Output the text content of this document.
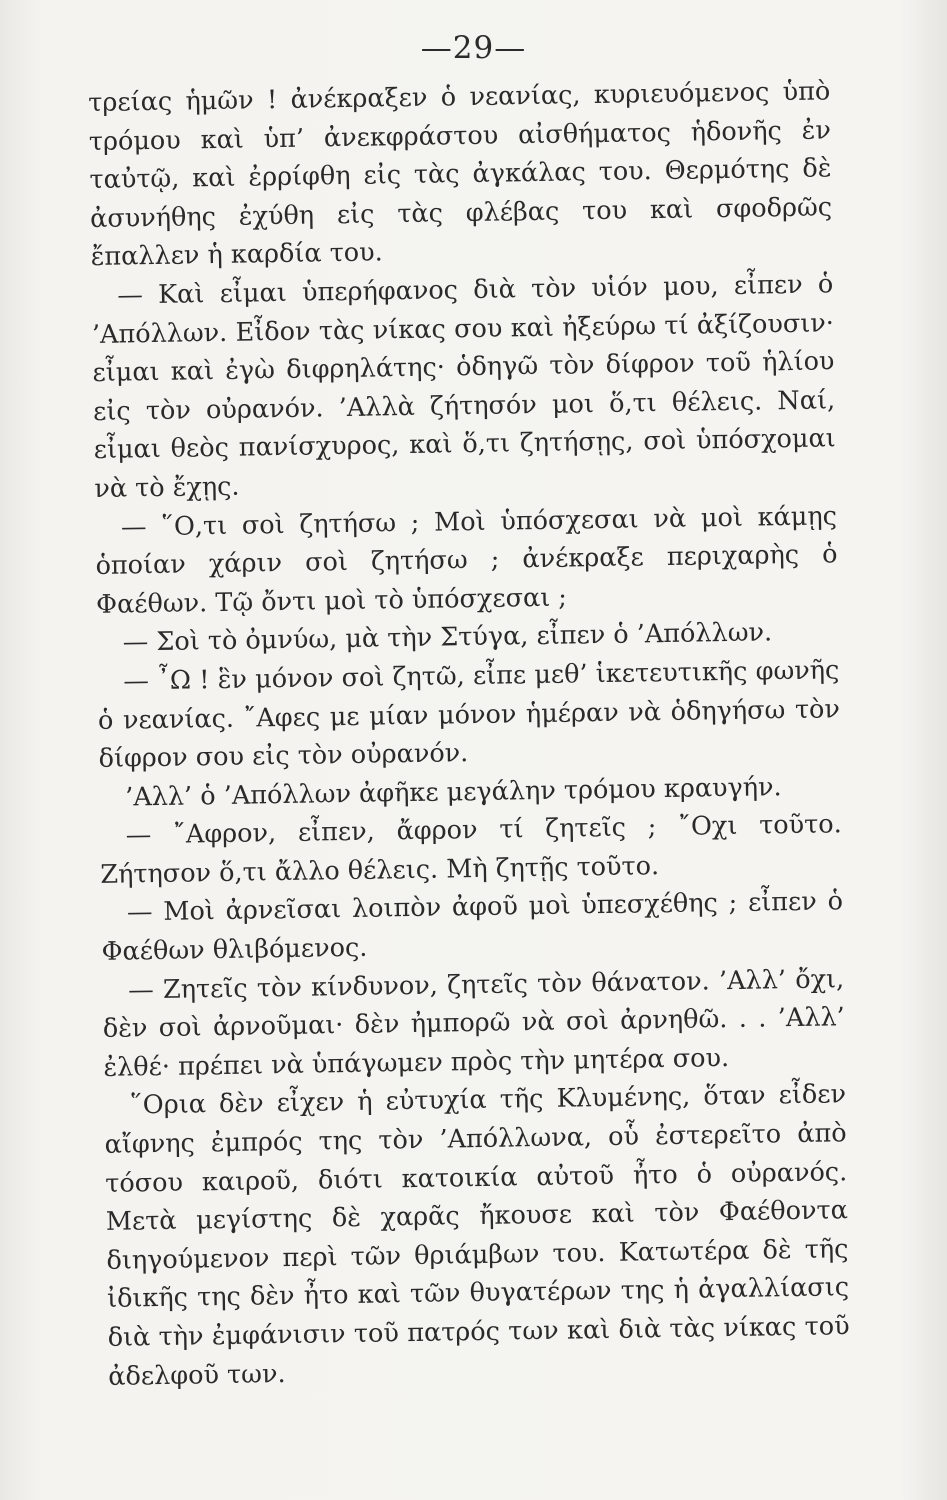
—29—

τρείας ἡμῶν ! ἀνέκραξεν ὁ νεανίας, κυριευόμενος ὑπὸ τρόμου καὶ ὑπ’ ἀνεκφράστου αἰσθήματος ἡδονῆς ἐν ταὐτῷ, καὶ ἐρρίφθη εἰς τὰς ἀγκάλας του. Θερμότης δὲ ἀσυνήθης ἐχύθη εἰς τὰς φλέβας του καὶ σφοδρῶς ἔπαλλεν ἡ καρδία του.

— Καὶ εἶμαι ὑπερήφανος διὰ τὸν υἱόν μου, εἶπεν ὁ ’Απόλλων. Εἶδον τὰς νίκας σου καὶ ἠξεύρω τί ἀξίζουσιν· εἶμαι καὶ ἐγὼ διφρηλάτης· ὁδηγῶ τὸν δίφρον τοῦ ἡλίου εἰς τὸν οὐρανόν. ’Αλλὰ ζήτησόν μοι ὅ,τι θέλεις. Ναί, εἶμαι θεὸς πανίσχυρος, καὶ ὅ,τι ζητήσῃς, σοὶ ὑπόσχομαι νὰ τὸ ἔχῃς.

— ῞Ο,τι σοὶ ζητήσω ; Μοὶ ὑπόσχεσαι νὰ μοὶ κάμῃς ὁποίαν χάριν σοὶ ζητήσω ; ἀνέκραξε περιχαρὴς ὁ Φαέθων. Τῷ ὄντι μοὶ τὸ ὑπόσχεσαι ;

— Σοὶ τὸ ὀμνύω, μὰ τὴν Στύγα, εἶπεν ὁ ’Απόλλων.

— ῏Ω ! ἓν μόνον σοὶ ζητῶ, εἶπε μεθ’ ἱκετευτικῆς φωνῆς ὁ νεανίας. ῎Αφες με μίαν μόνον ἡμέραν νὰ ὁδηγήσω τὸν δίφρον σου εἰς τὸν οὐρανόν.

’Αλλ’ ὁ ’Απόλλων ἀφῆκε μεγάλην τρόμου κραυγήν.

— ῎Αφρον, εἶπεν, ἄφρον τί ζητεῖς ; ῎Οχι τοῦτο. Ζήτησον ὅ,τι ἄλλο θέλεις. Μὴ ζητῇς τοῦτο.

— Μοὶ ἀρνεῖσαι λοιπὸν ἀφοῦ μοὶ ὑπεσχέθης ; εἶπεν ὁ Φαέθων θλιβόμενος.

— Ζητεῖς τὸν κίνδυνον, ζητεῖς τὸν θάνατον. ’Αλλ’ ὄχι, δὲν σοὶ ἀρνοῦμαι· δὲν ἠμπορῶ νὰ σοὶ ἀρνηθῶ. . . ’Αλλ’ ἐλθέ· πρέπει νὰ ὑπάγωμεν πρὸς τὴν μητέρα σου.

῞Ορια δὲν εἶχεν ἡ εὐτυχία τῆς Κλυμένης, ὅταν εἶδεν αἴφνης ἐμπρός της τὸν ’Απόλλωνα, οὗ ἐστερεῖτο ἀπὸ τόσου καιροῦ, διότι κατοικία αὐτοῦ ἦτο ὁ οὐρανός. Μετὰ μεγίστης δὲ χαρᾶς ἤκουσε καὶ τὸν Φαέθοντα διηγούμενον περὶ τῶν θριάμβων του. Κατωτέρα δὲ τῆς ἰδικῆς της δὲν ἦτο καὶ τῶν θυγατέρων της ἡ ἀγαλλίασις διὰ τὴν ἐμφάνισιν τοῦ πατρός των καὶ διὰ τὰς νίκας τοῦ ἀδελφοῦ των.
